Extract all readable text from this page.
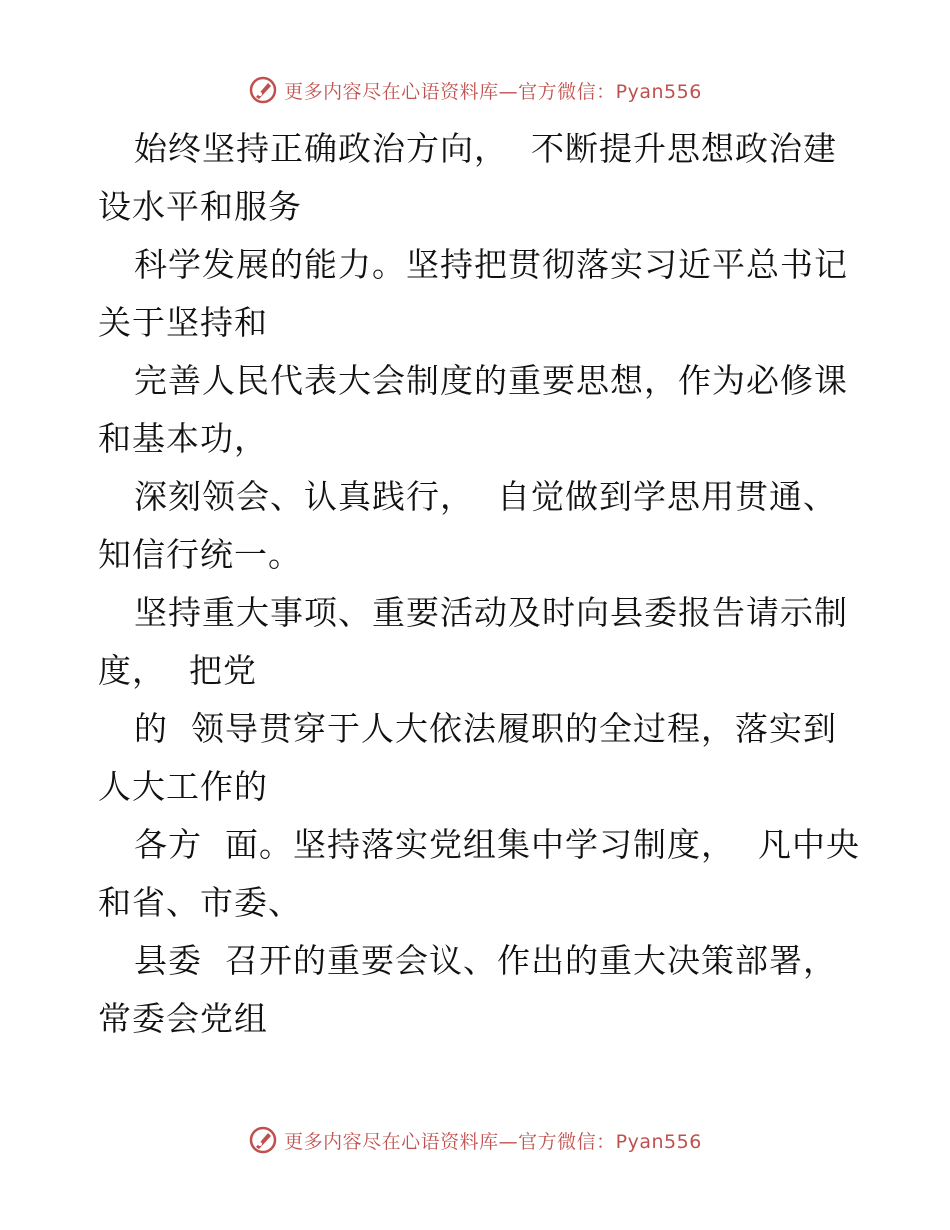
更多内容尽在心语资料库—官方微信：Pyan556
始终坚持正确政治方向，  不断提升思想政治建
设水平和服务
科学发展的能力。坚持把贯彻落实习近平总书记
关于坚持和
完善人民代表大会制度的重要思想，作为必修课
和基本功，
深刻领会、认真践行，  自觉做到学思用贯通、
知信行统一。
坚持重大事项、重要活动及时向县委报告请示制
度，  把党
的  领导贯穿于人大依法履职的全过程，落实到
人大工作的
各方  面。坚持落实党组集中学习制度，  凡中央
和省、市委、
县委  召开的重要会议、作出的重大决策部署，
常委会党组
更多内容尽在心语资料库—官方微信：Pyan556
